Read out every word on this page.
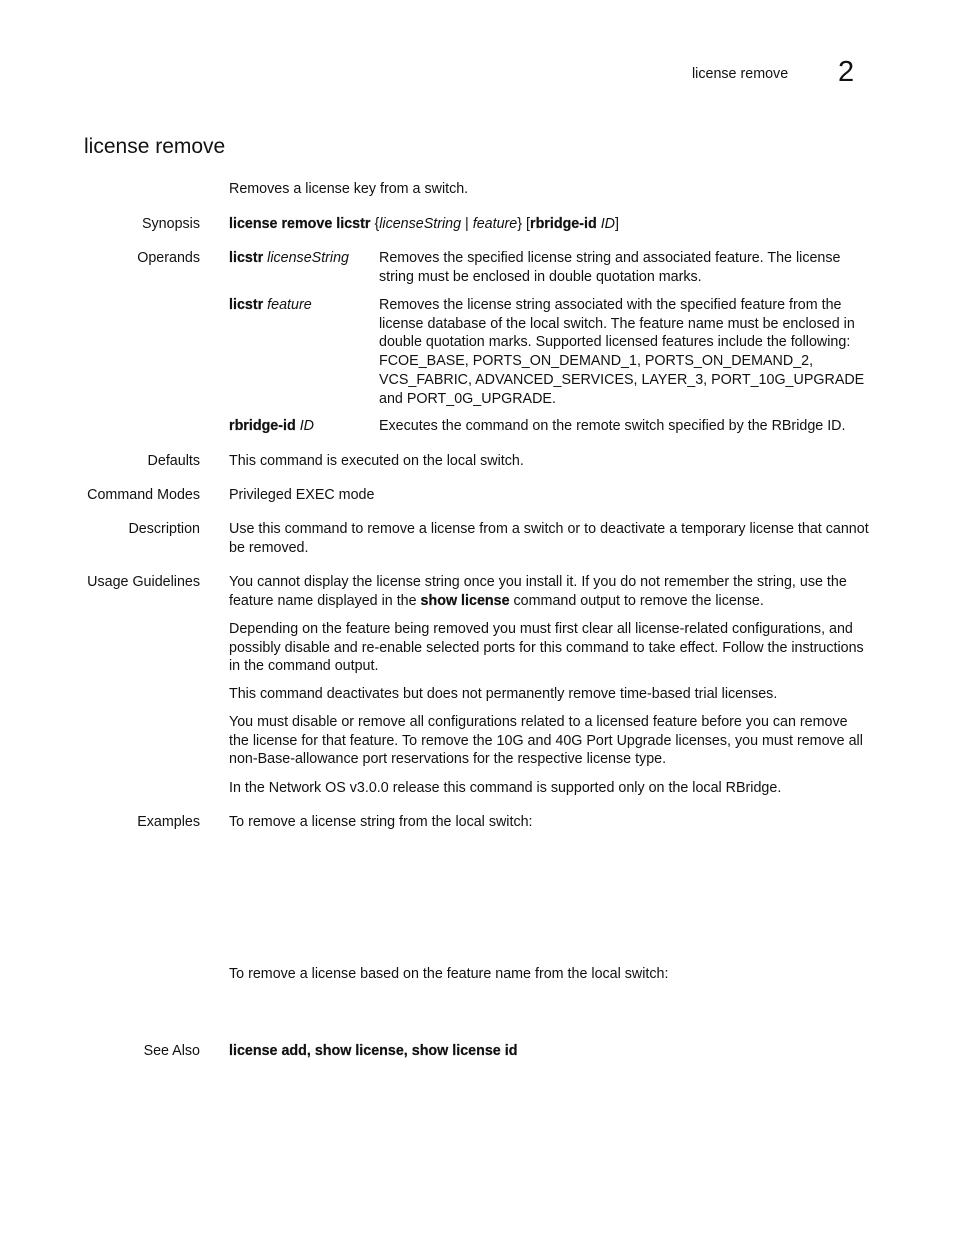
license remove 2
license remove
Removes a license key from a switch.
Synopsis license remove licstr {licenseString | feature} [rbridge-id ID]
Operands licstr licenseString Removes the specified license string and associated feature. The license string must be enclosed in double quotation marks.
licstr feature	Removes the license string associated with the specified feature from the license database of the local switch. The feature name must be enclosed in double quotation marks. Supported licensed features include the following: FCOE_BASE, PORTS_ON_DEMAND_1, PORTS_ON_DEMAND_2, VCS_FABRIC, ADVANCED_SERVICES, LAYER_3, PORT_10G_UPGRADE and PORT_0G_UPGRADE.
rbridge-id ID	Executes the command on the remote switch specified by the RBridge ID.
Defaults This command is executed on the local switch.
Command Modes Privileged EXEC mode
Description Use this command to remove a license from a switch or to deactivate a temporary license that cannot be removed.
Usage Guidelines You cannot display the license string once you install it. If you do not remember the string, use the feature name displayed in the show license command output to remove the license.
Depending on the feature being removed you must first clear all license-related configurations, and possibly disable and re-enable selected ports for this command to take effect. Follow the instructions in the command output.
This command deactivates but does not permanently remove time-based trial licenses.
You must disable or remove all configurations related to a licensed feature before you can remove the license for that feature. To remove the 10G and 40G Port Upgrade licenses, you must remove all non-Base-allowance port reservations for the respective license type.
In the Network OS v3.0.0 release this command is supported only on the local RBridge.
Examples To remove a license string from the local switch:
To remove a license based on the feature name from the local switch:
See Also license add, show license, show license id
